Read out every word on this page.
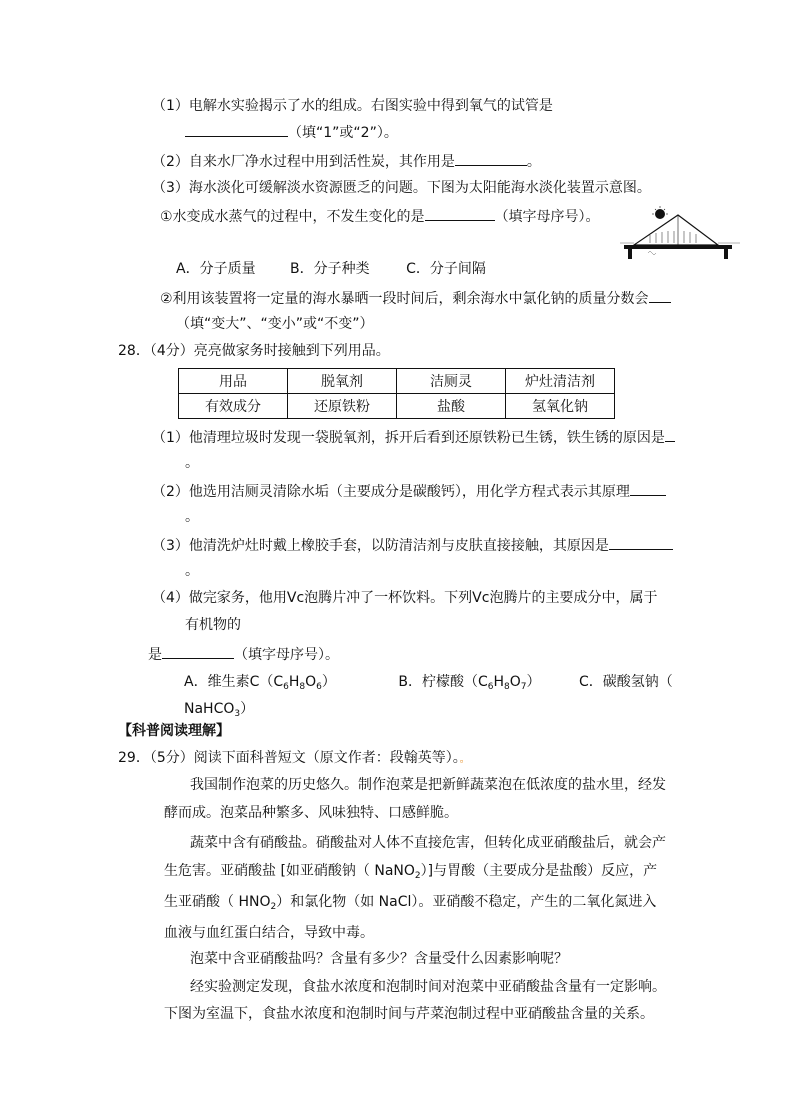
（1）电解水实验揭示了水的组成。右图实验中得到氧气的试管是
（填“1”或“2”）。
（2）自来水厂净水过程中用到活性炭，其作用是	。
（3）海水淡化可缓解淡水资源匮乏的问题。下图为太阳能海水淡化装置示意图。
①水变成水蒸气的过程中，不发生变化的是	（填字母序号）。
A．分子质量 B．分子种类	C．分子间隔
②利用该装置将一定量的海水暴晒一段时间后，剩余海水中氯化钠的质量分数会
（填“变大”、“变小”或“不变”）
28．（4分）亮亮做家务时接触到下列用品。
用品	脱氧剂	洁厕灵	炉灶清洁剂
有效成分	还原铁粉	盐酸	氢氧化钠
（1）他清理垃圾时发现一袋脱氧剂，拆开后看到还原铁粉已生锈，铁生锈的原因是
。
（2）他选用洁厕灵清除水垢（主要成分是碳酸钙），用化学方程式表示其原理
。
（3）他清洗炉灶时戴上橡胶手套，以防清洁剂与皮肤直接接触，其原因是
。
（4）做完家务，他用Vc泡腾片冲了一杯饮料。下列Vc泡腾片的主要成分中，属于
有机物的
是	（填字母序号）。
A．维生素$C(C_6H_8O_6)$	B．柠檬酸$(C_6H_8O_7)$	C．碳酸氢钠（
NaHCO$_3$）
【科普阅读理解】
29．（5分）阅读下面科普短文（原文作者：段翰英等）。。
我国制作泡菜的历史悠久。制作泡菜是把新鲜蔬菜泡在低浓度的盐水里，经发
酵而成。泡菜品种繁多、风味独特、口感鲜脆。
蔬菜中含有硝酸盐。硝酸盐对人体不直接危害，但转化成亚硝酸盐后，就会产
生危害。亚硝酸盐 [如亚硝酸钠（ NaNO$_2$）]与胃酸（主要成分是盐酸）反应，产
生亚硝酸（ $HNO_2$）和氯化物（如 NaCl）。亚硝酸不稳定，产生的二氧化氮进入
血液与血红蛋白结合，导致中毒。
泡菜中含亚硝酸盐吗？含量有多少？含量受什么因素影响呢？
经实验测定发现，食盐水浓度和泡制时间对泡菜中亚硝酸盐含量有一定影响。
下图为室温下，食盐水浓度和泡制时间与芹菜泡制过程中亚硝酸盐含量的关系。
